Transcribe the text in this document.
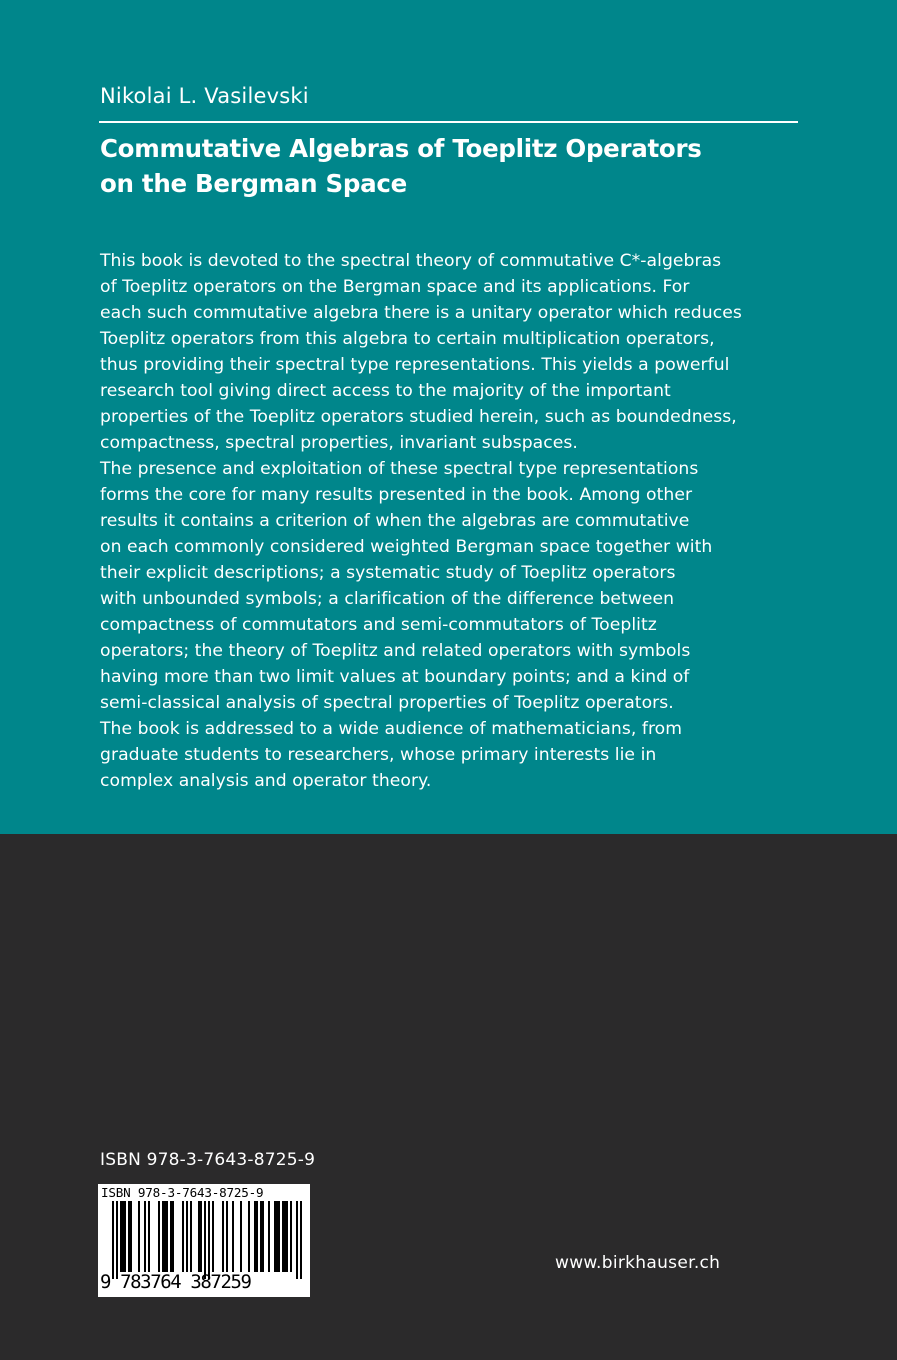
Nikolai L. Vasilevski
Commutative Algebras of Toeplitz Operators
on the Bergman Space
This book is devoted to the spectral theory of commutative C*-algebras
of Toeplitz operators on the Bergman space and its applications. For
each such commutative algebra there is a unitary operator which reduces
Toeplitz operators from this algebra to certain multiplication operators,
thus providing their spectral type representations. This yields a powerful
research tool giving direct access to the majority of the important
properties of the Toeplitz operators studied herein, such as boundedness,
compactness, spectral properties, invariant subspaces.
The presence and exploitation of these spectral type representations
forms the core for many results presented in the book. Among other
results it contains a criterion of when the algebras are commutative
on each commonly considered weighted Bergman space together with
their explicit descriptions; a systematic study of Toeplitz operators
with unbounded symbols; a clarification of the difference between
compactness of commutators and semi-commutators of Toeplitz
operators; the theory of Toeplitz and related operators with symbols
having more than two limit values at boundary points; and a kind of
semi-classical analysis of spectral properties of Toeplitz operators.
The book is addressed to a wide audience of mathematicians, from
graduate students to researchers, whose primary interests lie in
complex analysis and operator theory.
ISBN 978-3-7643-8725-9
ISBN 978-3-7643-8725-9
9 783764 387259
www.birkhauser.ch
